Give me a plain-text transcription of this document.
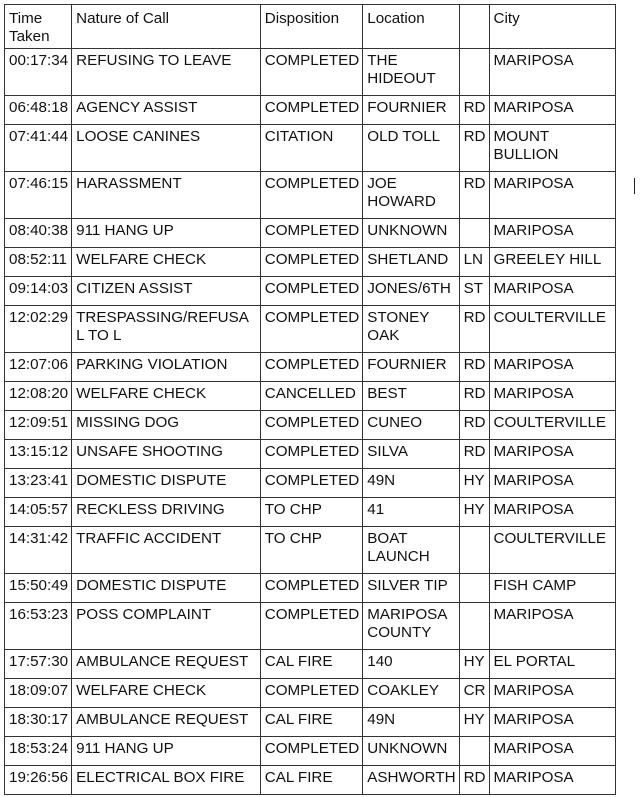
Time
Taken	Nature of Call	Disposition	Location		City
00:17:34	REFUSING TO LEAVE	COMPLETED	THE HIDEOUT		MARIPOSA
06:48:18	AGENCY ASSIST	COMPLETED	FOURNIER	RD	MARIPOSA
07:41:44	LOOSE CANINES	CITATION	OLD TOLL	RD	MOUNT BULLION
07:46:15	HARASSMENT	COMPLETED	JOE HOWARD	RD	MARIPOSA
08:40:38	911 HANG UP	COMPLETED	UNKNOWN		MARIPOSA
08:52:11	WELFARE CHECK	COMPLETED	SHETLAND	LN	GREELEY HILL
09:14:03	CITIZEN ASSIST	COMPLETED	JONES/6TH	ST	MARIPOSA
12:02:29	TRESPASSING/REFUSAL TO L	COMPLETED	STONEY OAK	RD	COULTERVILLE
12:07:06	PARKING VIOLATION	COMPLETED	FOURNIER	RD	MARIPOSA
12:08:20	WELFARE CHECK	CANCELLED	BEST	RD	MARIPOSA
12:09:51	MISSING DOG	COMPLETED	CUNEO	RD	COULTERVILLE
13:15:12	UNSAFE SHOOTING	COMPLETED	SILVA	RD	MARIPOSA
13:23:41	DOMESTIC DISPUTE	COMPLETED	49N	HY	MARIPOSA
14:05:57	RECKLESS DRIVING	TO CHP	41	HY	MARIPOSA
14:31:42	TRAFFIC ACCIDENT	TO CHP	BOAT LAUNCH		COULTERVILLE
15:50:49	DOMESTIC DISPUTE	COMPLETED	SILVER TIP		FISH CAMP
16:53:23	POSS COMPLAINT	COMPLETED	MARIPOSA COUNTY		MARIPOSA
17:57:30	AMBULANCE REQUEST	CAL FIRE	140	HY	EL PORTAL
18:09:07	WELFARE CHECK	COMPLETED	COAKLEY	CR	MARIPOSA
18:30:17	AMBULANCE REQUEST	CAL FIRE	49N	HY	MARIPOSA
18:53:24	911 HANG UP	COMPLETED	UNKNOWN		MARIPOSA
19:26:56	ELECTRICAL BOX FIRE	CAL FIRE	ASHWORTH	RD	MARIPOSA
